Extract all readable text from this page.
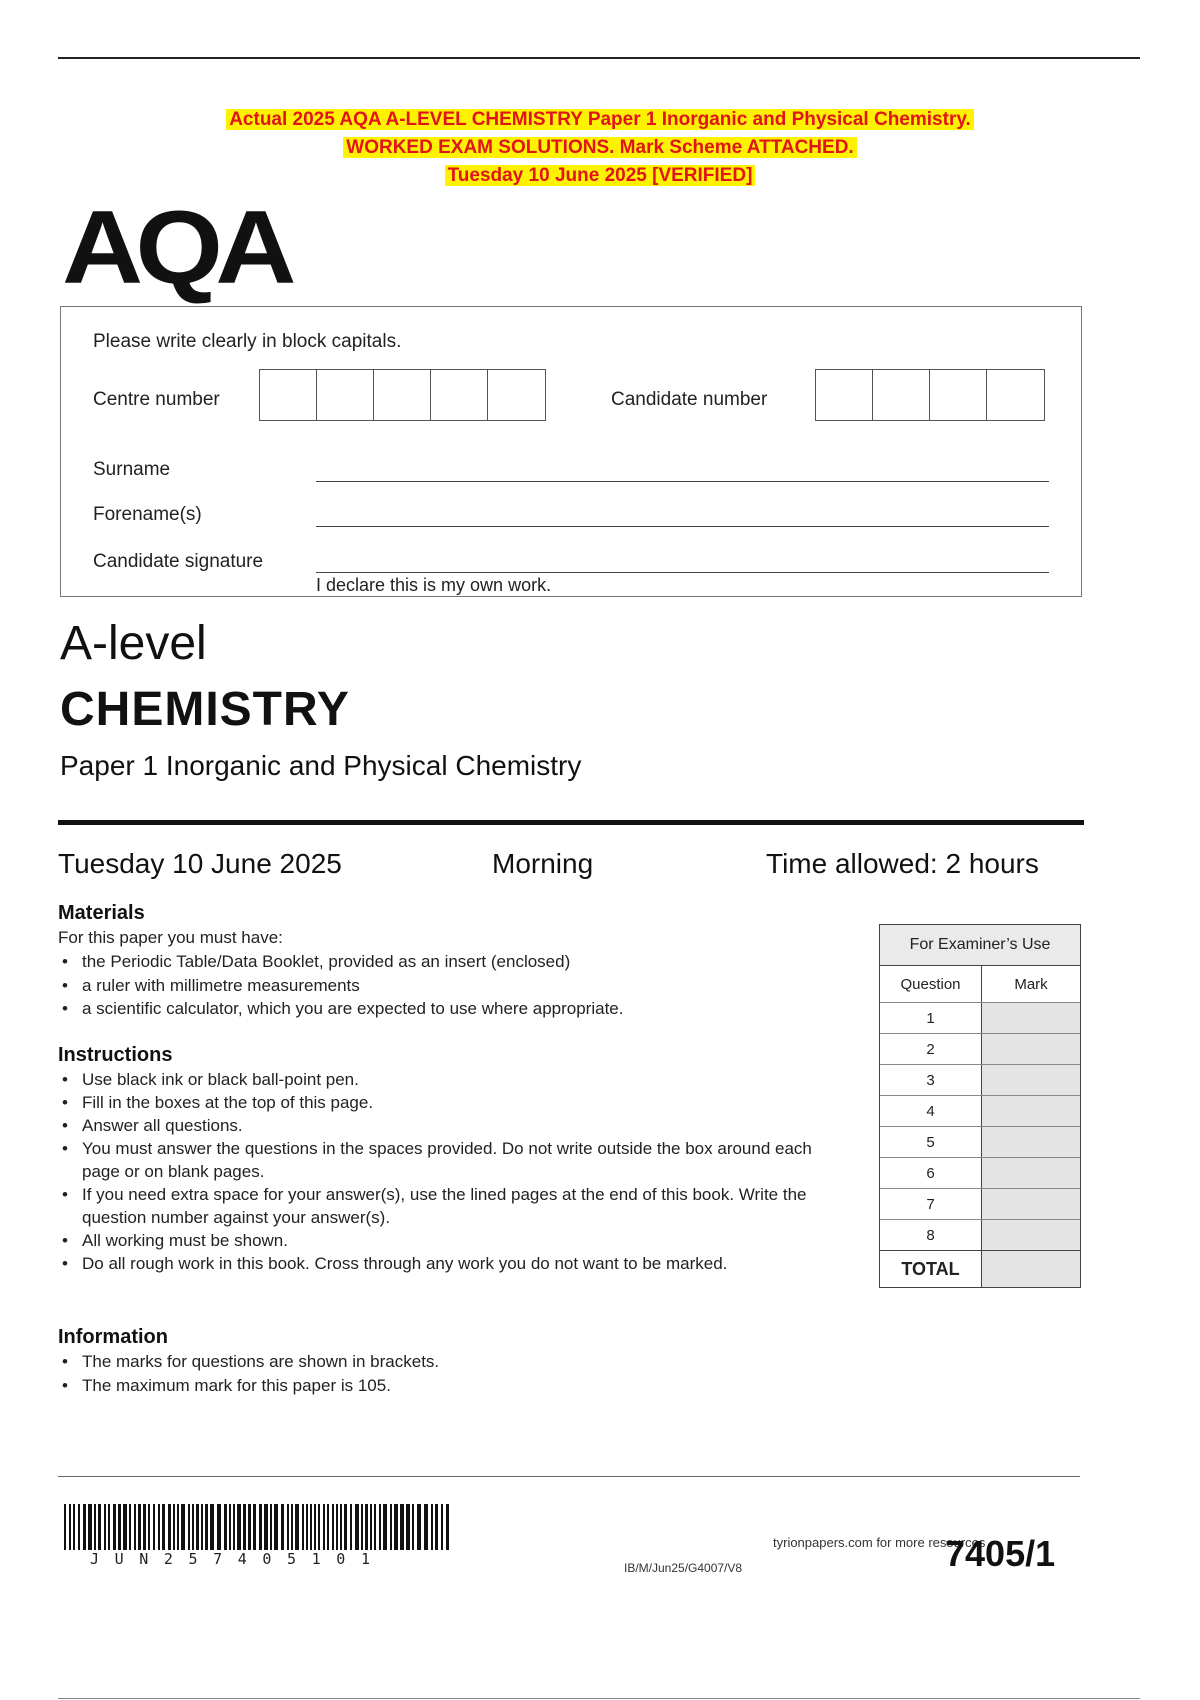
Actual 2025 AQA A-LEVEL CHEMISTRY Paper 1 Inorganic and Physical Chemistry.
WORKED EXAM SOLUTIONS. Mark Scheme ATTACHED.
Tuesday 10 June 2025 [VERIFIED]
AQA
Please write clearly in block capitals.
Centre number	Candidate number
Surname
Forename(s)
Candidate signature
I declare this is my own work.
A-level
CHEMISTRY
Paper 1 Inorganic and Physical Chemistry
Tuesday 10 June 2025	Morning	Time allowed: 2 hours
Materials
For this paper you must have:
• the Periodic Table/Data Booklet, provided as an insert (enclosed)
• a ruler with millimetre measurements
• a scientific calculator, which you are expected to use where appropriate.
Instructions
• Use black ink or black ball-point pen.
• Fill in the boxes at the top of this page.
• Answer all questions.
• You must answer the questions in the spaces provided. Do not write outside the box around each page or on blank pages.
• If you need extra space for your answer(s), use the lined pages at the end of this book. Write the question number against your answer(s).
• All working must be shown.
• Do all rough work in this book. Cross through any work you do not want to be marked.
Information
• The marks for questions are shown in brackets.
• The maximum mark for this paper is 105.
For Examiner’s Use
Question	Mark
1
2
3
4
5
6
7
8
TOTAL
JUN257405101	IB/M/Jun25/G4007/V8
tyrionpapers.com for more resources
7405/1
